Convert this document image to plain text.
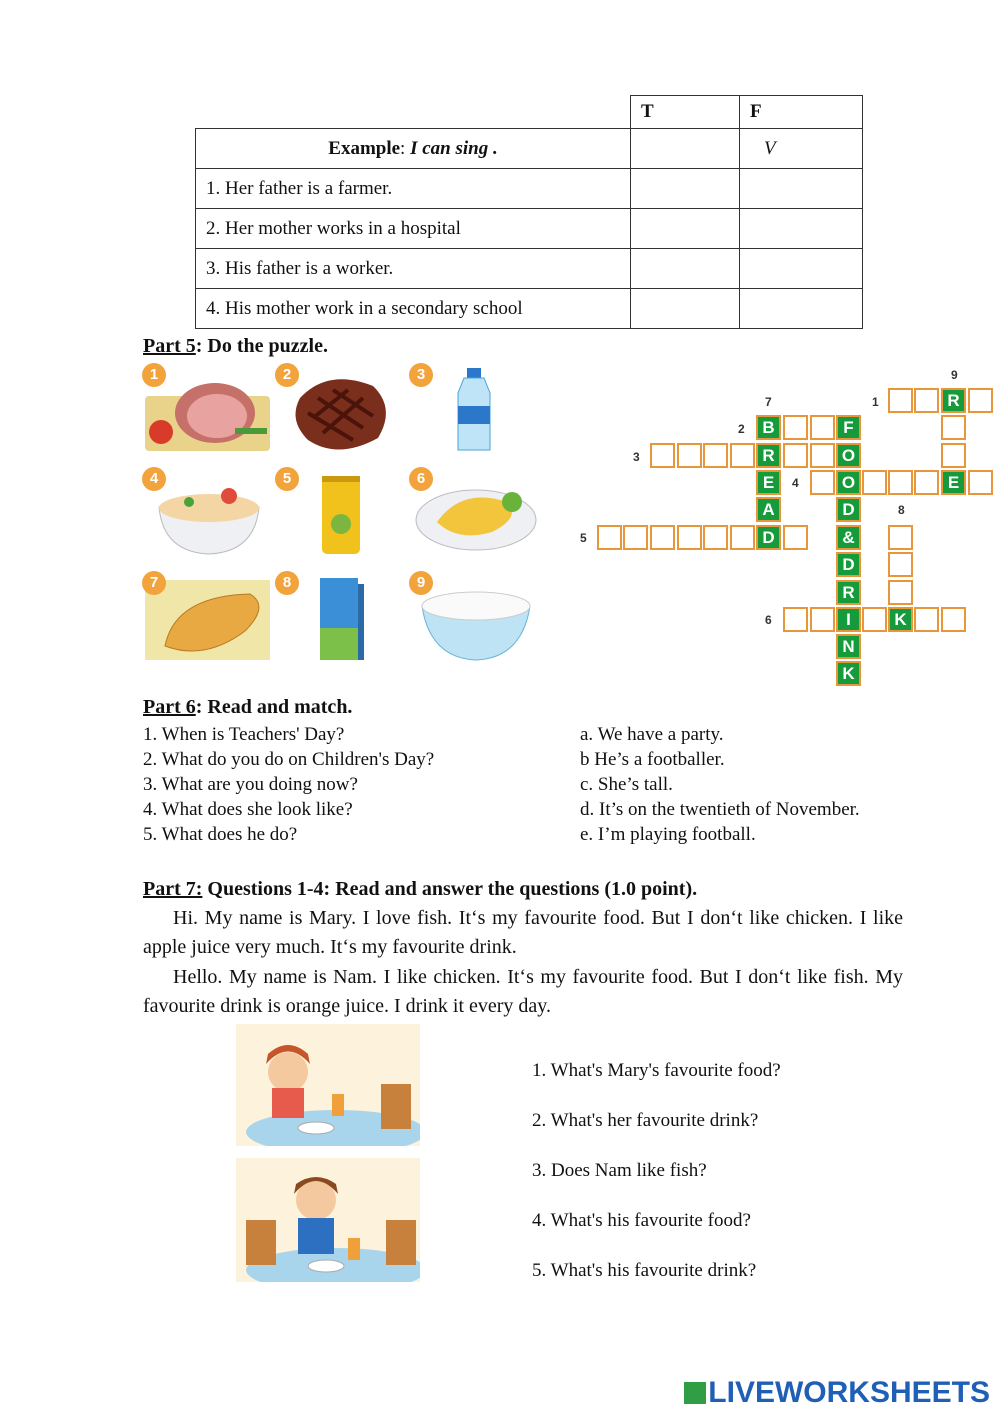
	T	F
Example: I can sing .		V
1. Her father is a farmer.		
2. Her mother works in a hospital		
3. His father is a worker.		
4. His mother work in a secondary school		
Part 5: Do the puzzle.
1	2	3
4	5	6
7	8	9
9
1
7
2
3
4
8
5
6
R
B	F
R	O
E	O	E
A	D
D	&
D
R
I	K
N
K
Part 6: Read and match.
1. When is Teachers' Day?
2. What do you do on Children's Day?
3. What are you doing now?
4. What does she look like?
5. What does he do?
a. We have a party.
b He’s a footballer.
c. She’s tall.
d. It’s on the twentieth of November.
e. I’m playing football.
Part 7: Questions 1-4: Read and answer the questions (1.0 point).
Hi. My name is Mary. I love fish. It‘s my favourite food. But I don‘t like chicken. I like apple juice very much. It‘s my favourite drink.
Hello. My name is Nam. I like chicken. It‘s my favourite food. But I don‘t like fish. My favourite drink is orange juice. I drink it every day.
1. What's Mary's favourite food?
2. What's her favourite drink?
3. Does Nam like fish?
4. What's his favourite food?
5. What's his favourite drink?
LIVEWORKSHEETS
